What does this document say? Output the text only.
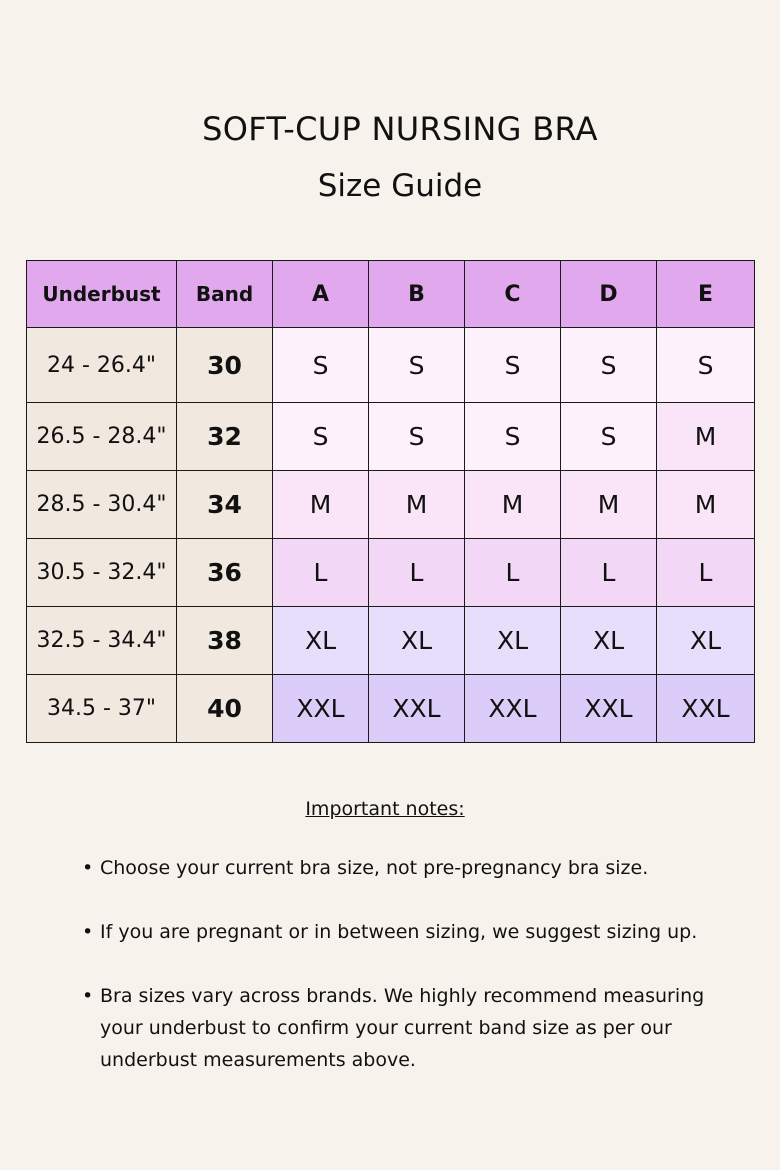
SOFT-CUP NURSING BRA
Size Guide
Underbust	Band	A	B	C	D	E
24 - 26.4"	30	S	S	S	S	S
26.5 - 28.4"	32	S	S	S	S	M
28.5 - 30.4"	34	M	M	M	M	M
30.5 - 32.4"	36	L	L	L	L	L
32.5 - 34.4"	38	XL	XL	XL	XL	XL
34.5 - 37"	40	XXL	XXL	XXL	XXL	XXL
Important notes:
• Choose your current bra size, not pre-pregnancy bra size.
• If you are pregnant or in between sizing, we suggest sizing up.
• Bra sizes vary across brands. We highly recommend measuring your underbust to confirm your current band size as per our underbust measurements above.
